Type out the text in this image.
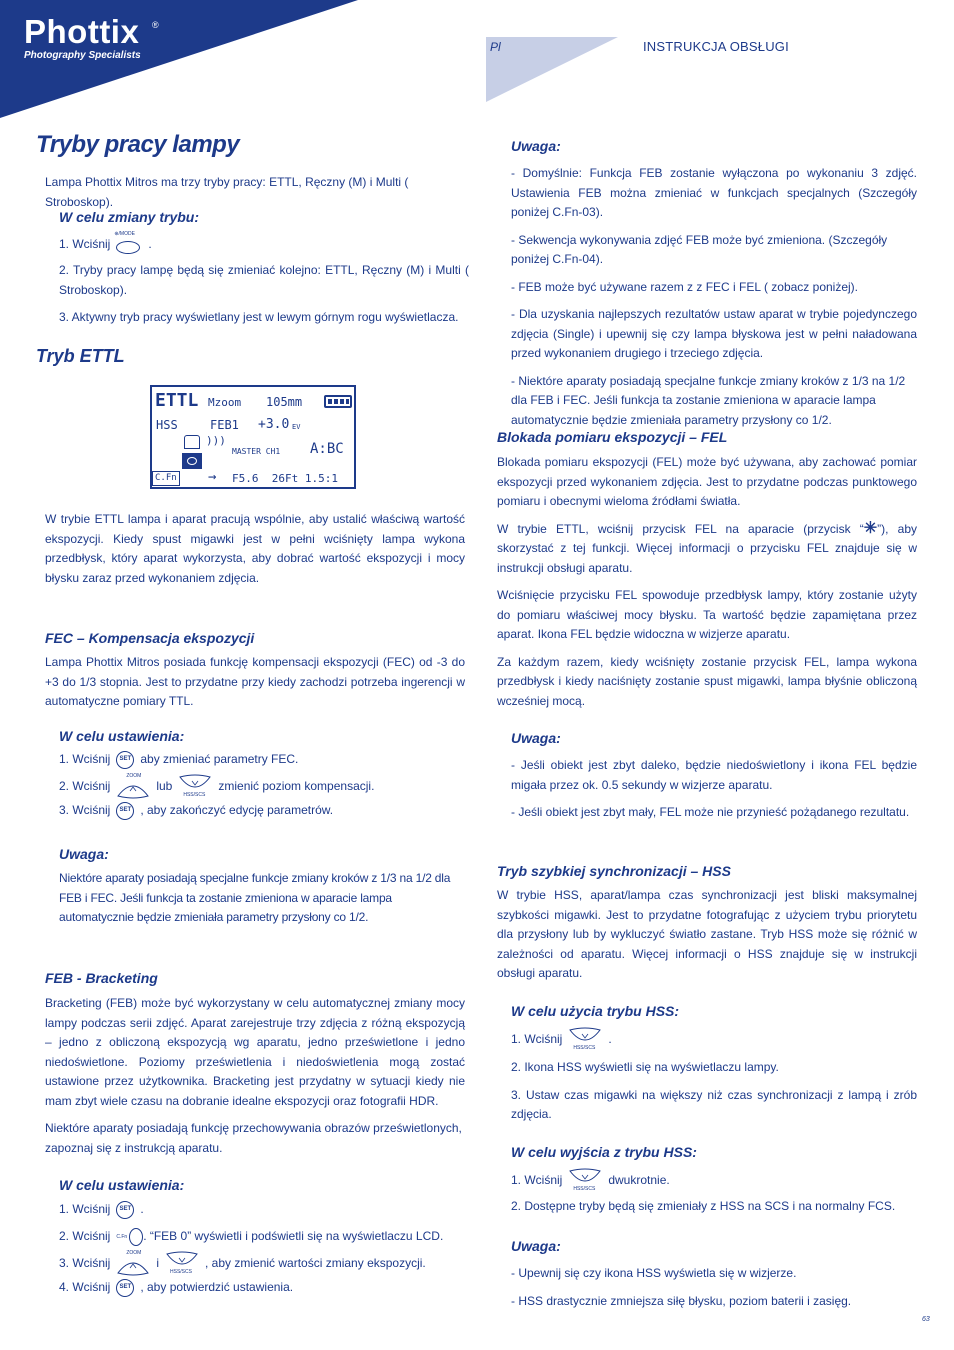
Phottix ®
Photography Specialists
Pl	INSTRUKCJA OBSŁUGI
Tryby pracy lampy

Lampa Phottix Mitros ma trzy tryby pracy: ETTL, Ręczny (M) i Multi ( Stroboskop).

W celu zmiany trybu:
1. Wciśnij
⊕/MODE
.

2. Tryby pracy lampę będą się zmieniać kolejno: ETTL, Ręczny (M) i Multi ( Stroboskop).

3. Aktywny tryb pracy wyświetlany jest w lewym górnym rogu wyświetlacza.

Tryb ETTL
ETTL Mzoom 105mm
HSS	FEB1 +3.0 EV
)))
MASTER CH1 A:BC
C.Fn → F5.6  26Ft 1.5:1

W trybie ETTL lampa i aparat pracują wspólnie, aby ustalić właściwą wartość ekspozycji. Kiedy spust migawki jest w pełni wciśnięty lampa wykona przedbłysk, który aparat wykorzysta, aby dobrać wartość ekspozycji i mocy błysku zaraz przed wykonaniem zdjęcia.

FEC – Kompensacja ekspozycji

Lampa Phottix Mitros posiada funkcję kompensacji ekspozycji (FEC) od -3 do +3 do 1/3 stopnia. Jest to przydatne przy kiedy zachodzi potrzeba ingerencji w automatyczne pomiary TTL.

W celu ustawienia:
1. Wciśnij	SET aby zmieniać parametry FEC.
2. Wciśnij
ZOOM
lub
HSS/SCS
zmienić poziom kompensacji.
3. Wciśnij	SET , aby zakończyć edycję parametrów.
Uwaga:

Niektóre aparaty posiadają specjalne funkcje zmiany kroków z 1/3 na 1/2 dla FEB i FEC. Jeśli funkcja ta zostanie zmieniona w aparacie lampa automatycznie będzie zmieniała parametry przysłony co 1/2.

FEB - Bracketing

Bracketing (FEB) może być wykorzystany w celu automatycznej zmiany mocy lampy podczas serii zdjęć. Aparat zarejestruje trzy zdjęcia z różną ekspozycją – jedno z obliczoną ekspozycją wg aparatu, jedno prześwietlone i jedno niedoświetlone. Poziomy prześwietlenia i niedoświetlenia mogą zostać ustawione przez użytkownika. Bracketing jest przydatny w sytuacji kiedy nie mam zbyt wiele czasu na dobranie idealne ekspozycji oraz fotografii HDR.

Niektóre aparaty posiadają funkcję przechowywania obrazów prześwietlonych, zapoznaj się z instrukcją aparatu.

W celu ustawienia:
1. Wciśnij	SET .
2. Wciśnij C.Fn . “FEB 0” wyświetli i podświetli się na wyświetlaczu LCD.
3. Wciśnij
ZOOM
i
HSS/SCS
, aby zmienić wartości zmiany ekspozycji.
4. Wciśnij	SET , aby potwierdzić ustawienia.
Uwaga:

- Domyślnie: Funkcja FEB zostanie wyłączona po wykonaniu 3 zdjęć. Ustawienia FEB można zmieniać w funkcjach specjalnych (Szczegóły poniżej C.Fn-03).

- Sekwencja wykonywania zdjęć FEB może być zmieniona. (Szczegóły poniżej C.Fn-04).

- FEB może być używane razem z z FEC i FEL ( zobacz poniżej).

- Dla uzyskania najlepszych rezultatów ustaw aparat w trybie pojedynczego zdjęcia (Single) i upewnij się czy lampa błyskowa jest w pełni naładowana przed wykonaniem drugiego i trzeciego zdjęcia.

- Niektóre aparaty posiadają specjalne funkcje zmiany kroków z 1/3 na 1/2 dla FEB i FEC. Jeśli funkcja ta zostanie zmieniona w aparacie lampa automatycznie będzie zmieniała parametry przysłony co 1/2.

Blokada pomiaru ekspozycji – FEL

Blokada pomiaru ekspozycji (FEL) może być używana, aby zachować pomiar ekspozycji przed wykonaniem zdjęcia. Jest to przydatne podczas punktowego pomiaru i obecnymi wieloma źródłami światła.

W trybie ETTL, wciśnij przycisk FEL na aparacie (przycisk “✳”), aby skorzystać z tej funkcji. Więcej informacji o przycisku FEL znajduje się w instrukcji obsługi aparatu.

Wciśnięcie przycisku FEL spowoduje przedbłysk lampy, który zostanie użyty do pomiaru właściwej mocy błysku. Ta wartość będzie zapamiętana przez aparat. Ikona FEL będzie widoczna w wizjerze aparatu.

Za każdym razem, kiedy wciśnięty zostanie przycisk FEL, lampa wykona przedbłysk i kiedy naciśnięty zostanie spust migawki, lampa błyśnie obliczoną wcześniej mocą.

Uwaga:

- Jeśli obiekt jest zbyt daleko, będzie niedoświetlony i ikona FEL będzie migała przez ok. 0.5 sekundy w wizjerze aparatu.

- Jeśli obiekt jest zbyt mały, FEL może nie przynieść pożądanego rezultatu.

Tryb szybkiej synchronizacji – HSS

W trybie HSS, aparat/lampa czas synchronizacji jest bliski maksymalnej szybkości migawki. Jest to przydatne fotografując z użyciem trybu priorytetu dla przysłony lub by wykluczyć światło zastane. Tryb HSS może się różnić w zależności od aparatu. Więcej informacji o HSS znajduje się w instrukcji obsługi aparatu.

W celu użycia trybu HSS:
1. Wciśnij
HSS/SCS
.

2. Ikona HSS wyświetli się na wyświetlaczu lampy.

3. Ustaw czas migawki na większy niż czas synchronizacji z lampą i zrób zdjęcia.

W celu wyjścia z trybu HSS:
1. Wciśnij
HSS/SCS
dwukrotnie.

2. Dostępne tryby będą się zmieniały z HSS na SCS i na normalny FCS.

Uwaga:

- Upewnij się czy ikona HSS wyświetla się w wizjerze.

- HSS drastycznie zmniejsza siłę błysku, poziom baterii i zasięg.

63
